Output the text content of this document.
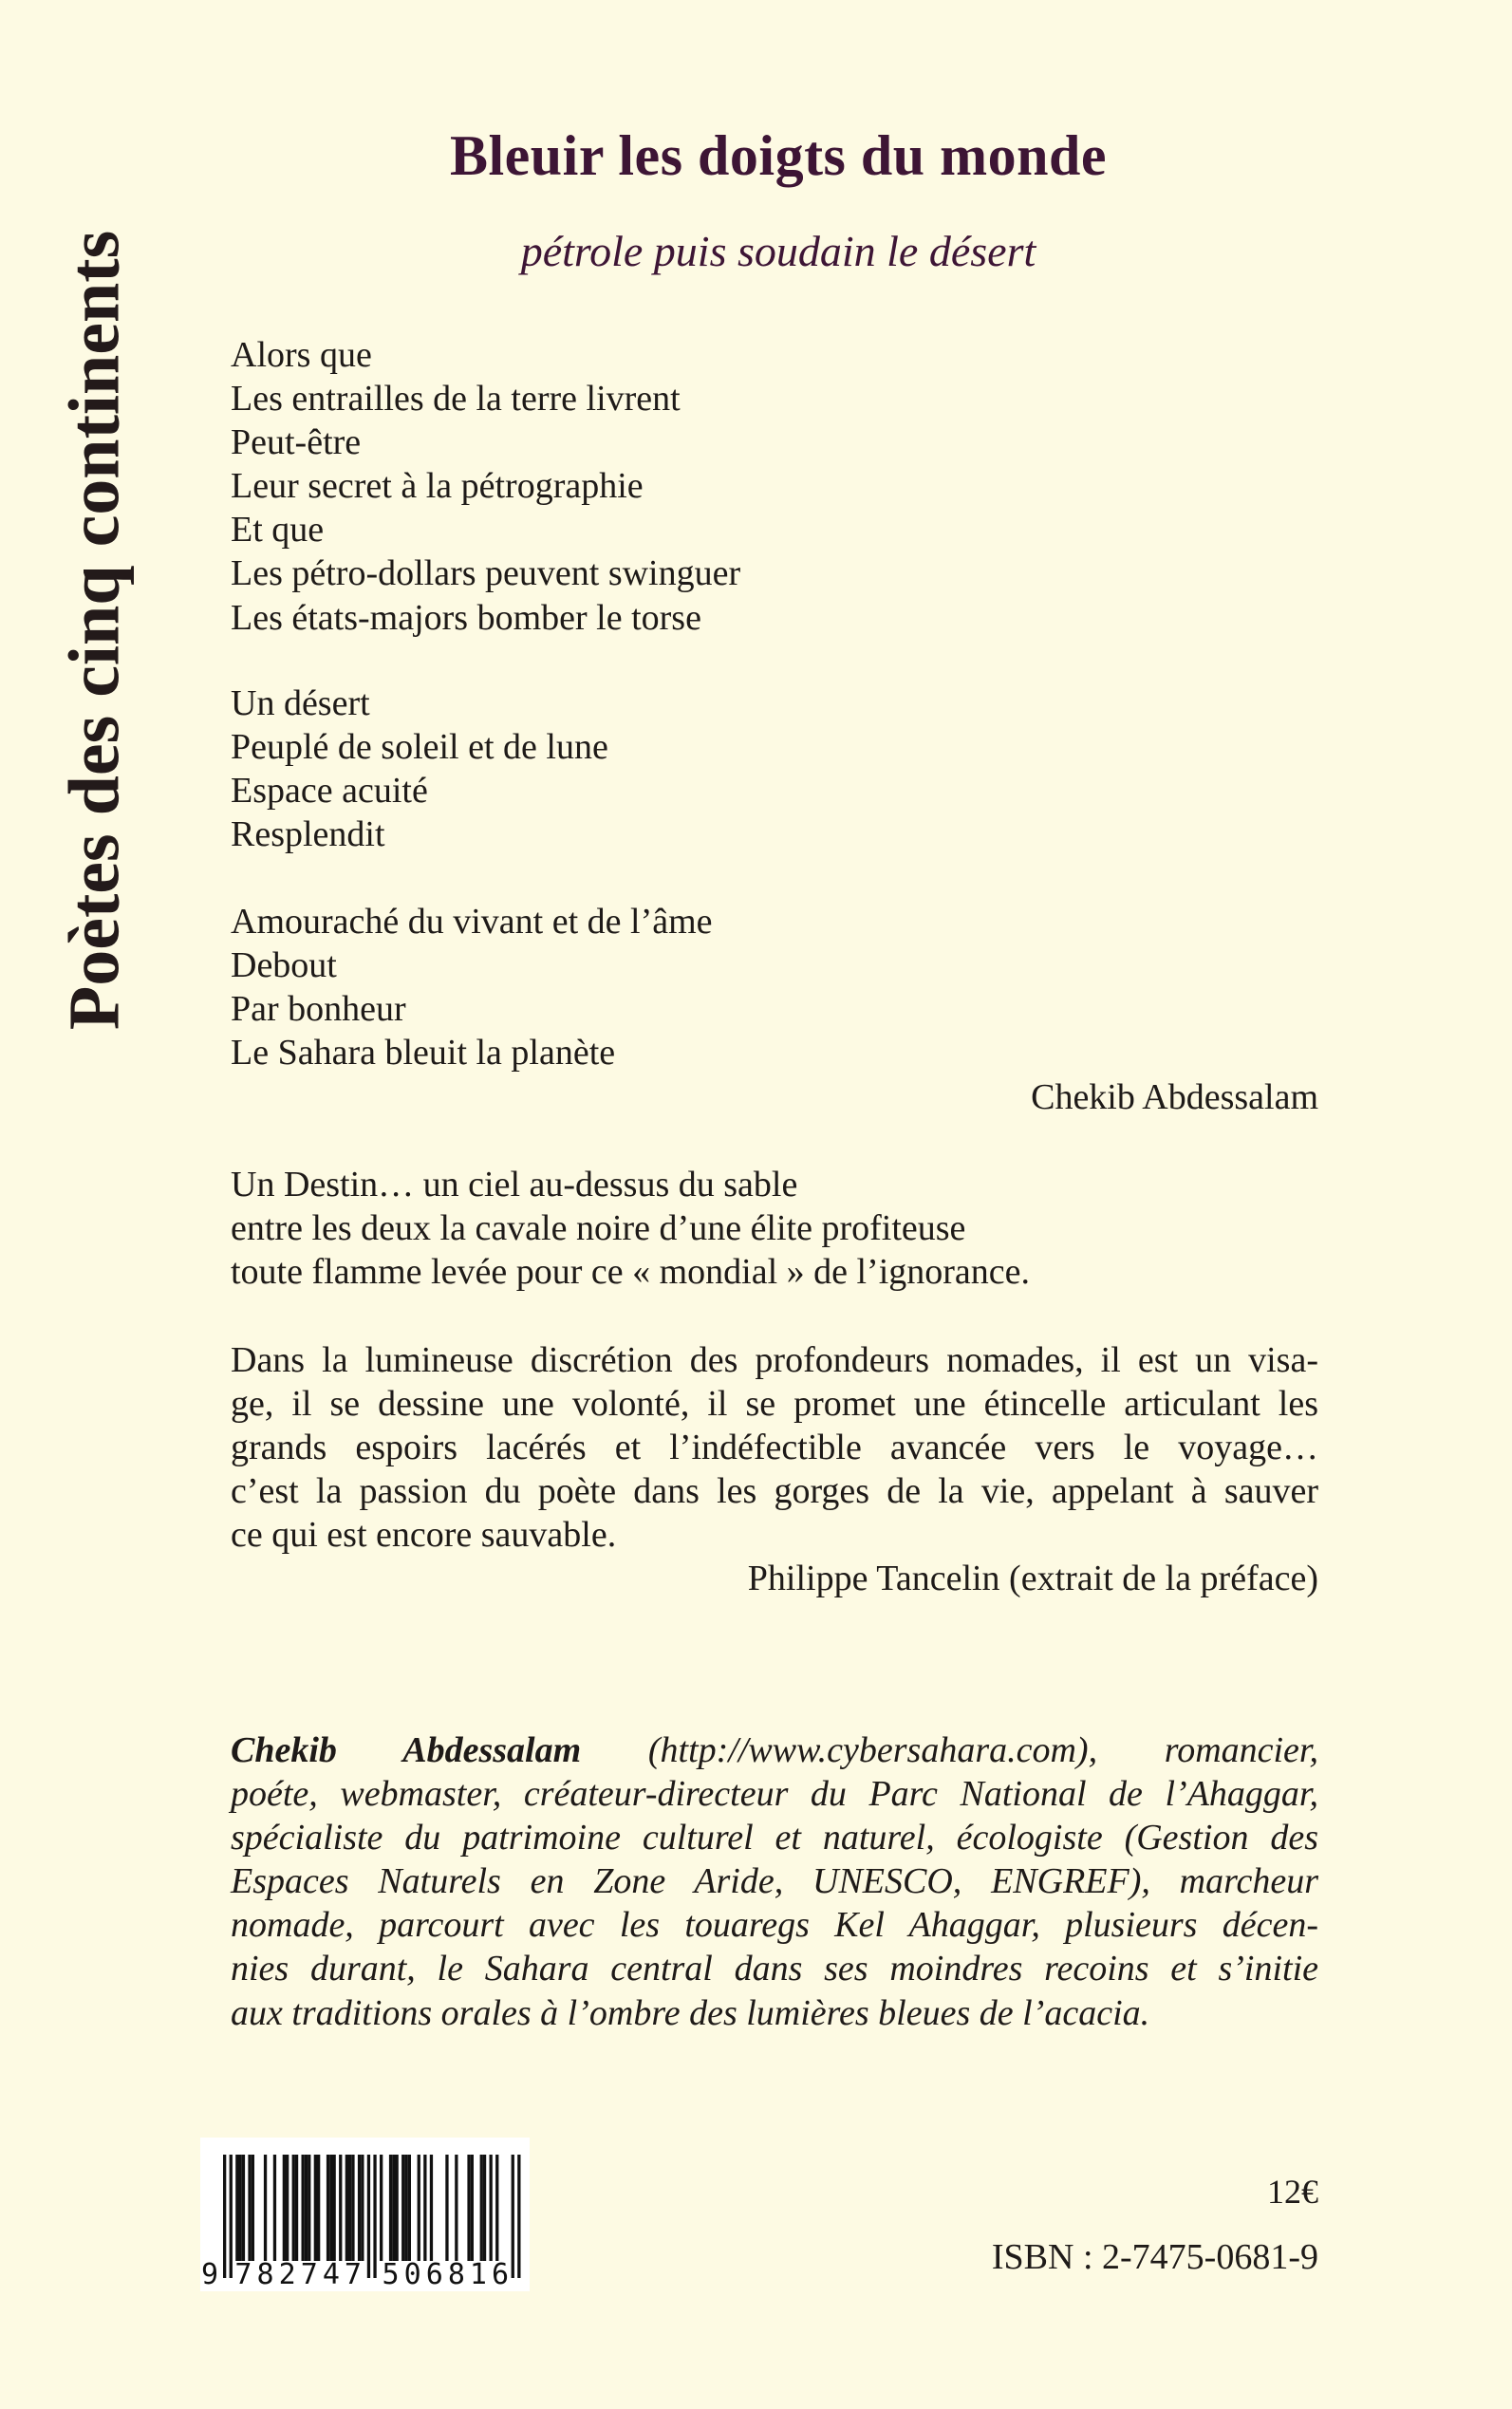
Poètes des cinq continents
Bleuir les doigts du monde
pétrole puis soudain le désert
Alors que
Les entrailles de la terre livrent
Peut-être
Leur secret à la pétrographie
Et que
Les pétro-dollars peuvent swinguer
Les états-majors bomber le torse
Un désert
Peuplé de soleil et de lune
Espace acuité
Resplendit
Amouraché du vivant et de l’âme
Debout
Par bonheur
Le Sahara bleuit la planète
Chekib Abdessalam
Un Destin… un ciel au-dessus du sable
entre les deux la cavale noire d’une élite profiteuse
toute flamme levée pour ce « mondial » de l’ignorance.
Dans la lumineuse discrétion des profondeurs nomades, il est un visa-
ge, il se dessine une volonté, il se promet une étincelle articulant les
grands espoirs lacérés et l’indéfectible avancée vers le voyage…
c’est la passion du poète dans les gorges de la vie, appelant à sauver
ce qui est encore sauvable.
Philippe Tancelin (extrait de la préface)
Chekib Abdessalam (http://www.cybersahara.com), romancier,
poéte, webmaster, créateur-directeur du Parc National de l’Ahaggar,
spécialiste du patrimoine culturel et naturel, écologiste (Gestion des
Espaces Naturels en Zone Aride, UNESCO, ENGREF), marcheur
nomade, parcourt avec les touaregs Kel Ahaggar, plusieurs décen-
nies durant, le Sahara central dans ses moindres recoins et s’initie
aux traditions orales à l’ombre des lumières bleues de l’acacia.
9 7 8 2 7 4 7 5 0 6 8 1 6
12€
ISBN : 2-7475-0681-9
